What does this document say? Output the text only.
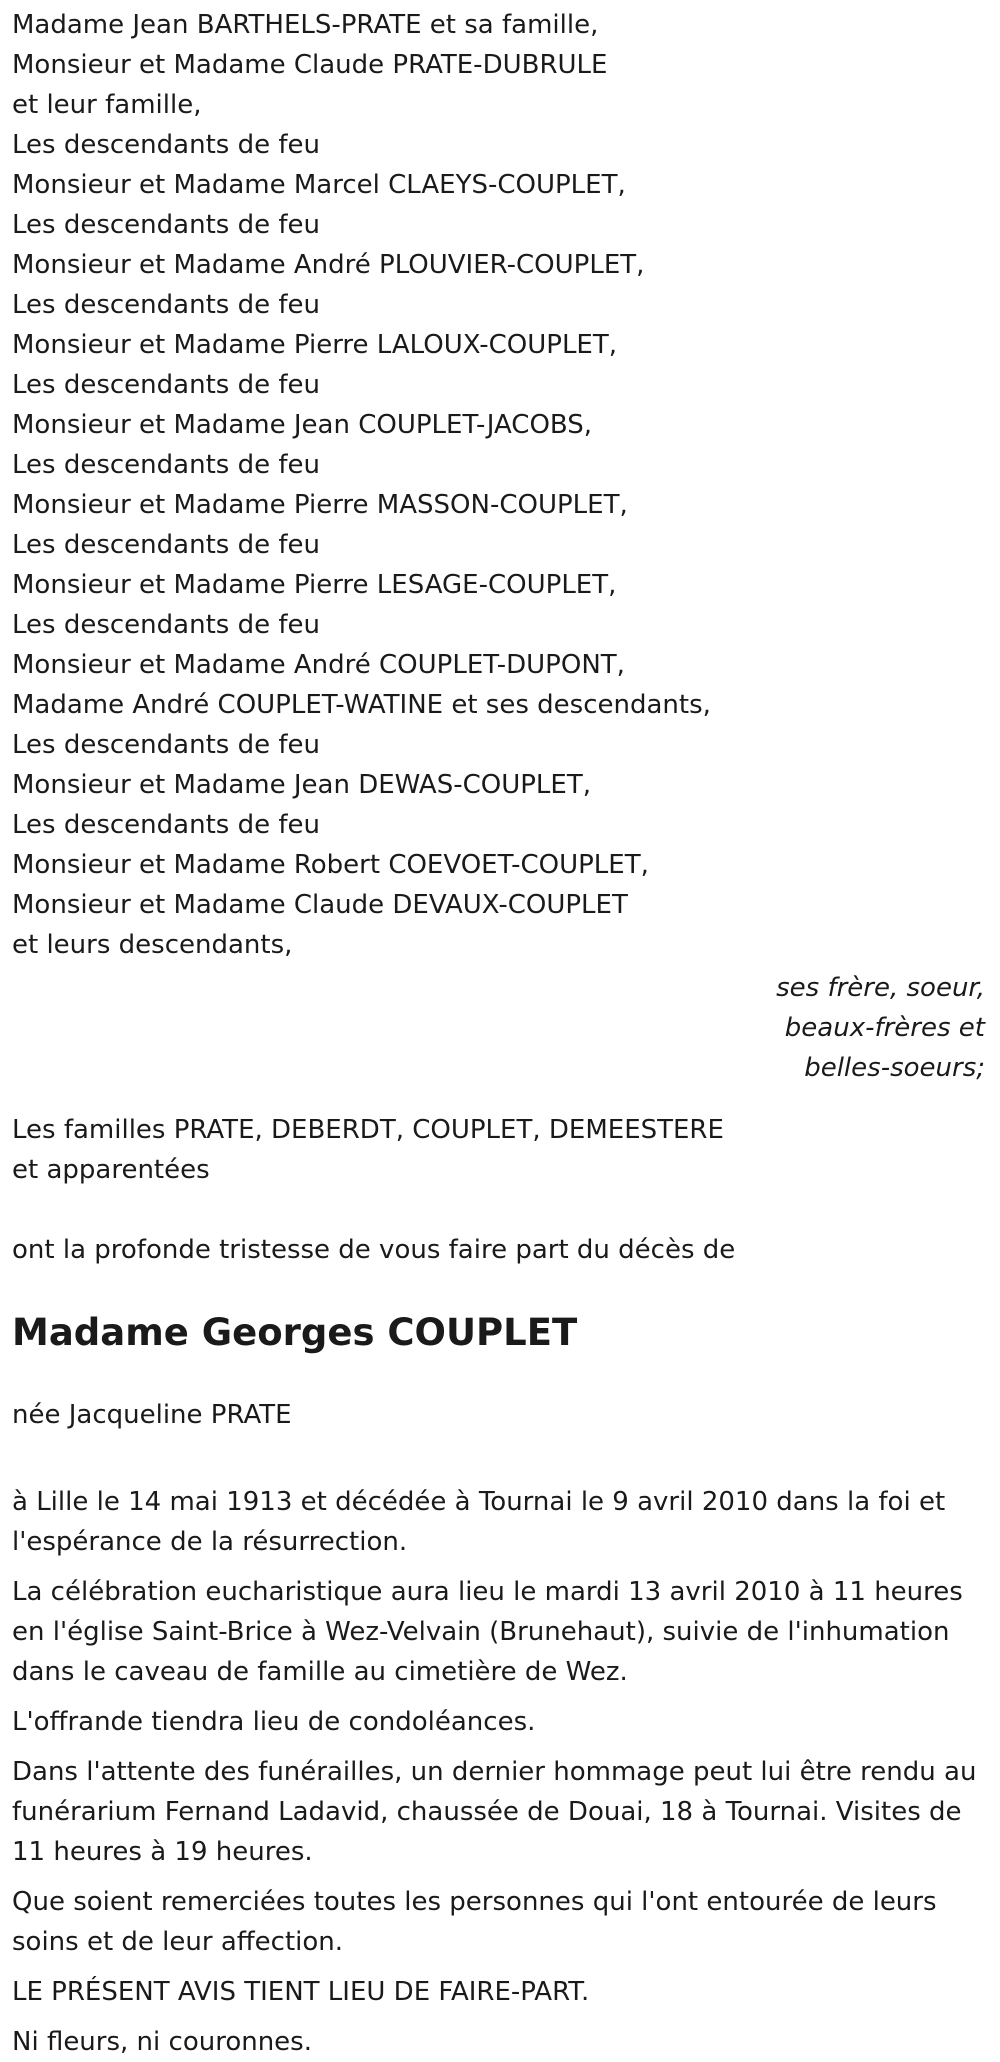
Madame Jean BARTHELS-PRATE et sa famille,
Monsieur et Madame Claude PRATE-DUBRULE
et leur famille,
Les descendants de feu
Monsieur et Madame Marcel CLAEYS-COUPLET,
Les descendants de feu
Monsieur et Madame André PLOUVIER-COUPLET,
Les descendants de feu
Monsieur et Madame Pierre LALOUX-COUPLET,
Les descendants de feu
Monsieur et Madame Jean COUPLET-JACOBS,
Les descendants de feu
Monsieur et Madame Pierre MASSON-COUPLET,
Les descendants de feu
Monsieur et Madame Pierre LESAGE-COUPLET,
Les descendants de feu
Monsieur et Madame André COUPLET-DUPONT,
Madame André COUPLET-WATINE et ses descendants,
Les descendants de feu
Monsieur et Madame Jean DEWAS-COUPLET,
Les descendants de feu
Monsieur et Madame Robert COEVOET-COUPLET,
Monsieur et Madame Claude DEVAUX-COUPLET
et leurs descendants,
ses frère, soeur,
beaux-frères et
belles-soeurs;
Les familles PRATE, DEBERDT, COUPLET, DEMEESTERE
et apparentées
ont la profonde tristesse de vous faire part du décès de
Madame Georges COUPLET
née Jacqueline PRATE
à Lille le 14 mai 1913 et décédée à Tournai le 9 avril 2010 dans la foi et l'espérance de la résurrection.
La célébration eucharistique aura lieu le mardi 13 avril 2010 à 11 heures en l'église Saint-Brice à Wez-Velvain (Brunehaut), suivie de l'inhumation dans le caveau de famille au cimetière de Wez.
L'offrande tiendra lieu de condoléances.
Dans l'attente des funérailles, un dernier hommage peut lui être rendu au funérarium Fernand Ladavid, chaussée de Douai, 18 à Tournai. Visites de 11 heures à 19 heures.
Que soient remerciées toutes les personnes qui l'ont entourée de leurs soins et de leur affection.
LE PRÉSENT AVIS TIENT LIEU DE FAIRE-PART.
Ni fleurs, ni couronnes.
